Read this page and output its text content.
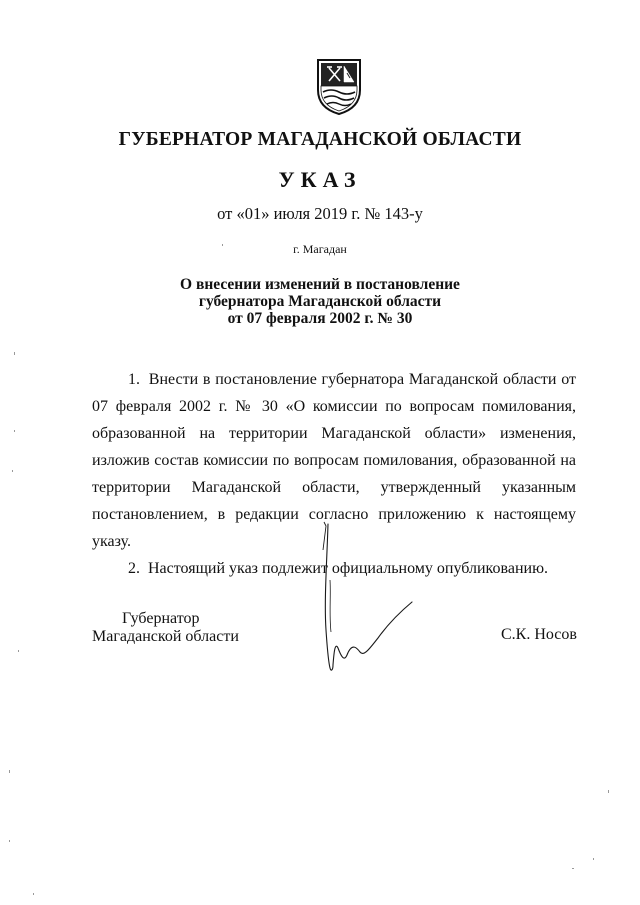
ГУБЕРНАТОР МАГАДАНСКОЙ ОБЛАСТИ
УКАЗ

от «01» июля 2019 г. № 143-у

г. Магадан

О внесении изменений в постановление
губернатора Магаданской области
от 07 февраля 2002 г. № 30

1. Внести в постановление губернатора Магаданской области от 07 февраля 2002 г. № 30 «О комиссии по вопросам помилования, образованной на территории Магаданской области» изменения, изложив состав комиссии по вопросам помилования, образованной на территории Магаданской области, утвержденный указанным постановлением, в редакции согласно приложению к настоящему указу.

2. Настоящий указ подлежит официальному опубликованию.

Губернатор
Магаданской области	С.К. Носов
